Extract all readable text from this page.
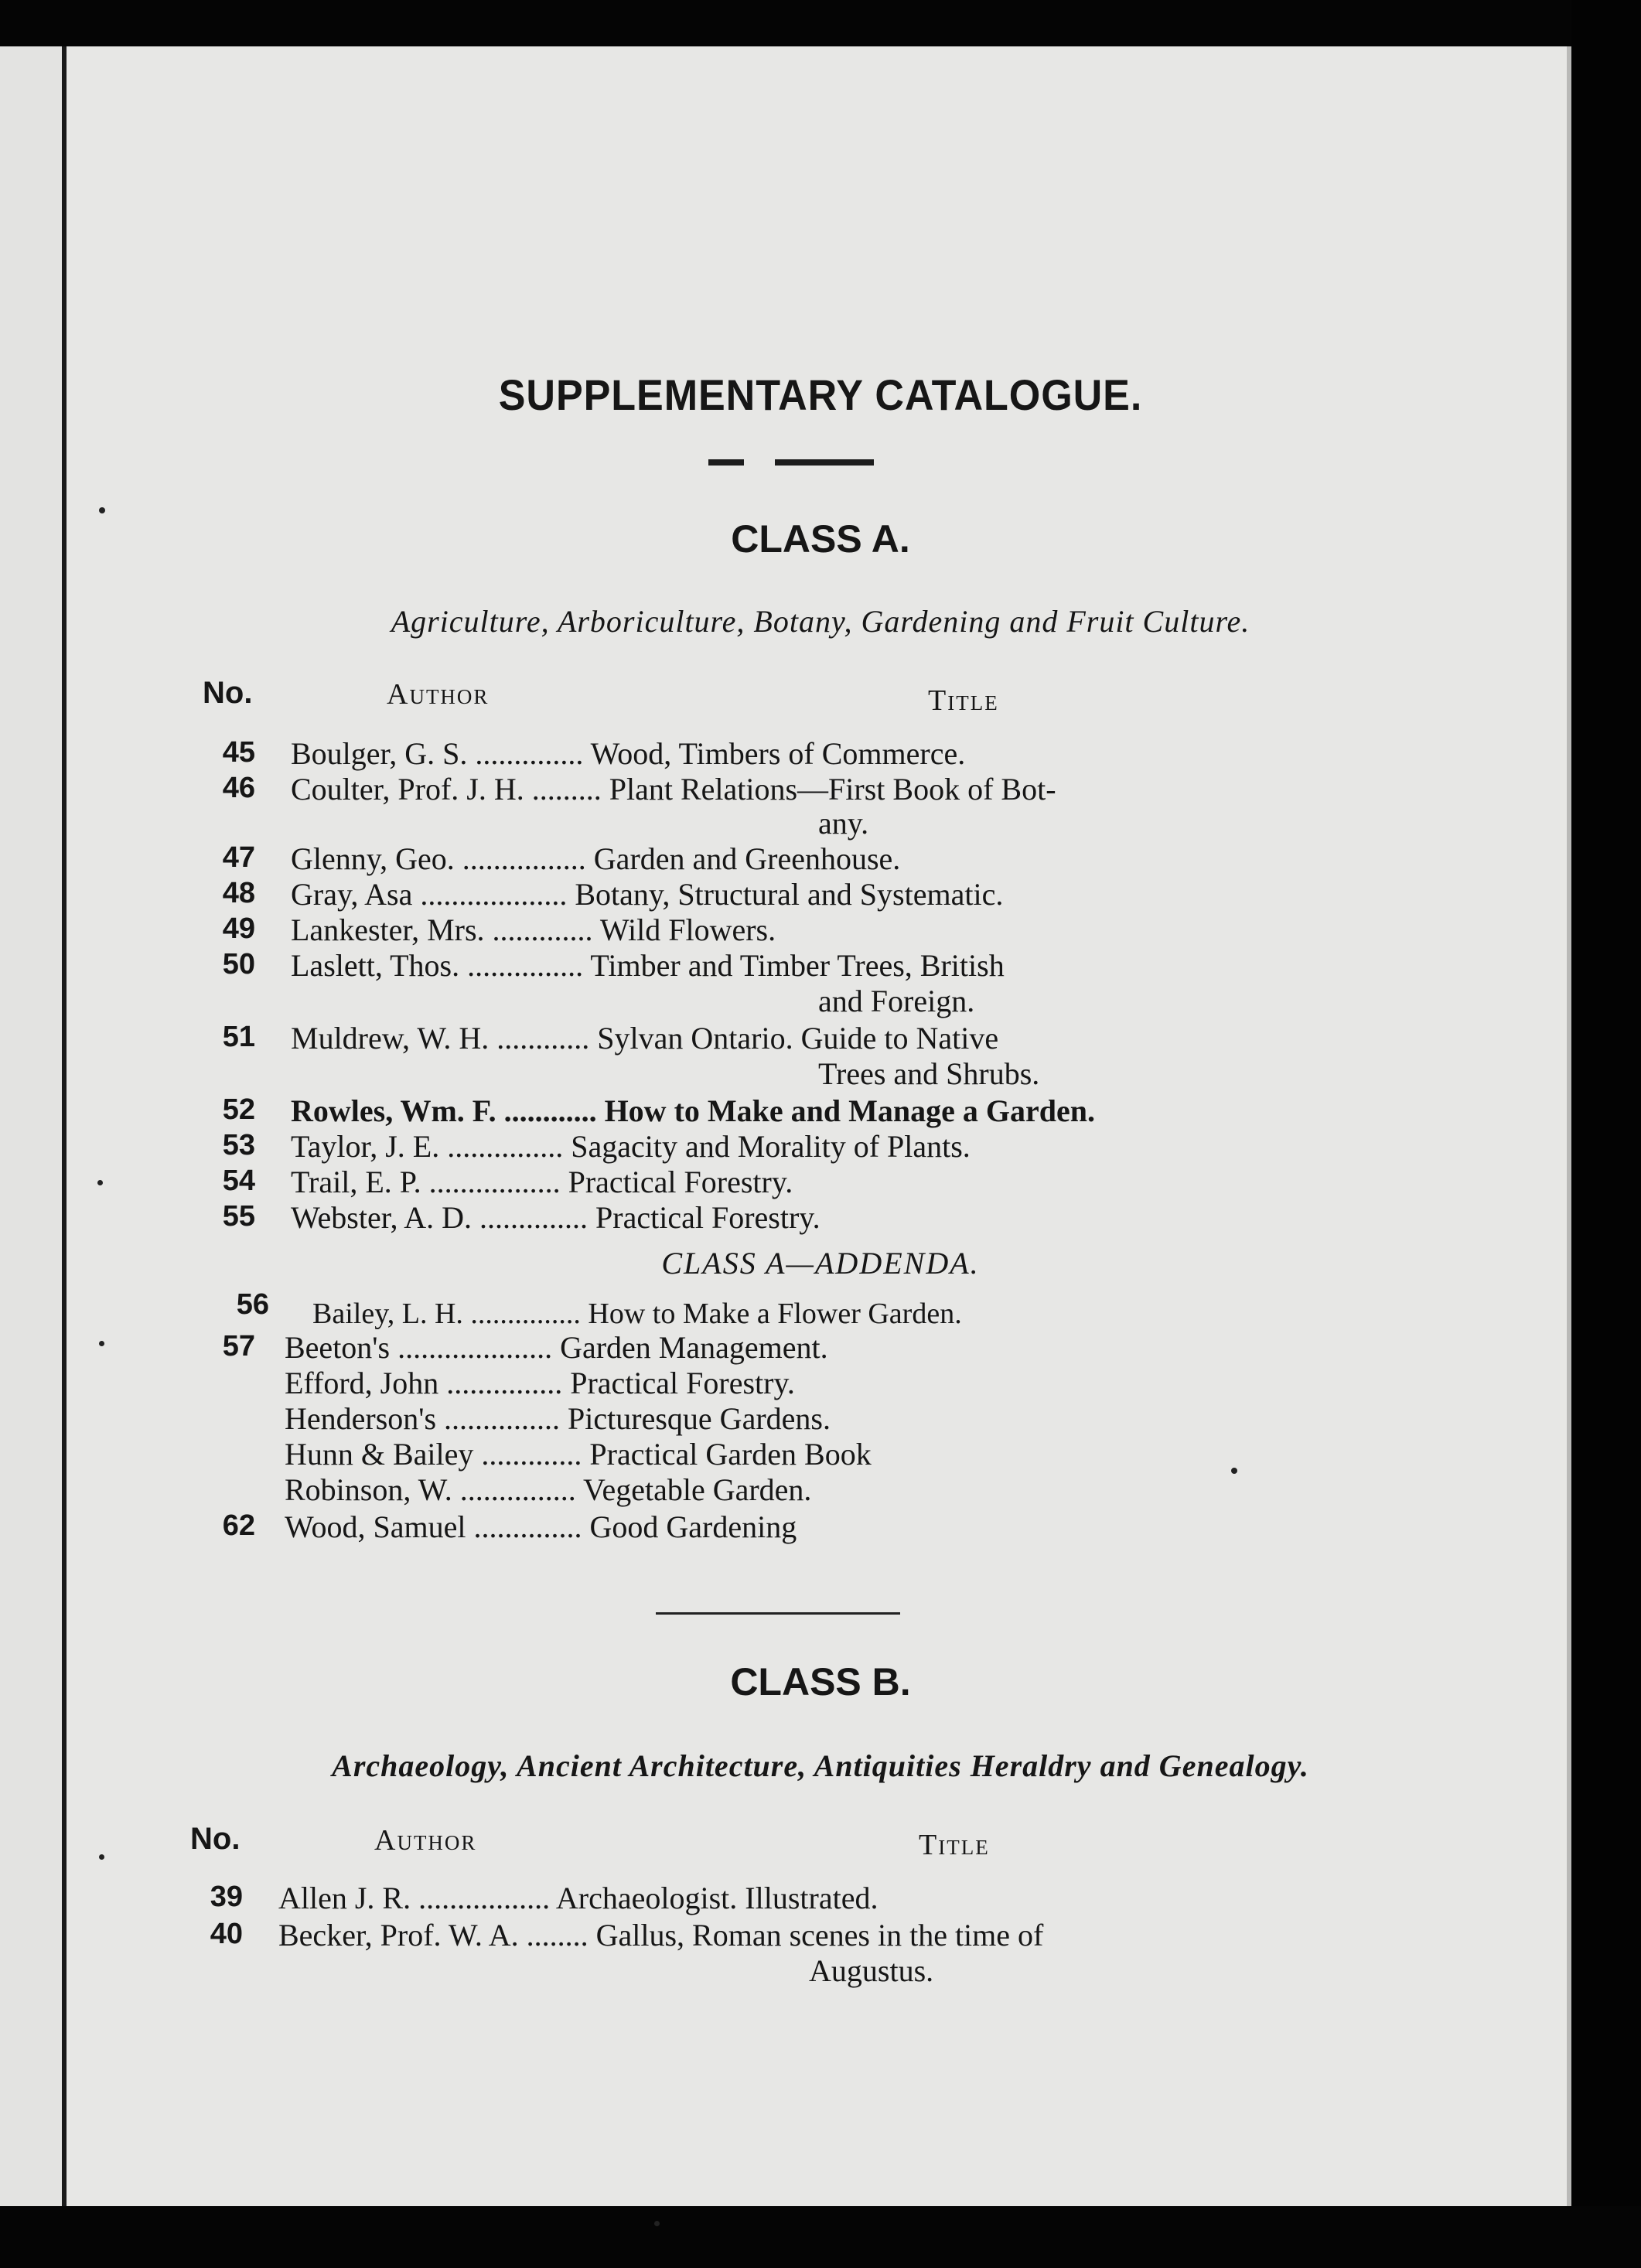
SUPPLEMENTARY CATALOGUE.
CLASS A.
Agriculture, Arboriculture, Botany, Gardening and Fruit Culture.
No.	Author	Title
45 Boulger, G. S. .............. Wood, Timbers of Commerce.
46 Coulter, Prof. J. H. ......... Plant Relations—First Book of Bot-
any.
47 Glenny, Geo. ................ Garden and Greenhouse.
48 Gray, Asa ................... Botany, Structural and Systematic.
49 Lankester, Mrs. ............. Wild Flowers.
50 Laslett, Thos. ............... Timber and Timber Trees, British
and Foreign.
51 Muldrew, W. H. ............ Sylvan Ontario. Guide to Native
Trees and Shrubs.
52 Rowles, Wm. F. ............ How to Make and Manage a Garden.
53 Taylor, J. E. ............... Sagacity and Morality of Plants.
54 Trail, E. P. ................. Practical Forestry.
55 Webster, A. D. .............. Practical Forestry.
CLASS A—ADDENDA.
56 Bailey, L. H. ............... How to Make a Flower Garden.
57 Beeton's .................... Garden Management.
Efford, John ............... Practical Forestry.
Henderson's ............... Picturesque Gardens.
Hunn & Bailey ............. Practical Garden Book
Robinson, W. ............... Vegetable Garden.
62 Wood, Samuel .............. Good Gardening
CLASS B.
Archaeology, Ancient Architecture, Antiquities Heraldry and Genealogy.
No.	Author	Title
39 Allen J. R. ................. Archaeologist. Illustrated.
40 Becker, Prof. W. A. ........ Gallus, Roman scenes in the time of
Augustus.
